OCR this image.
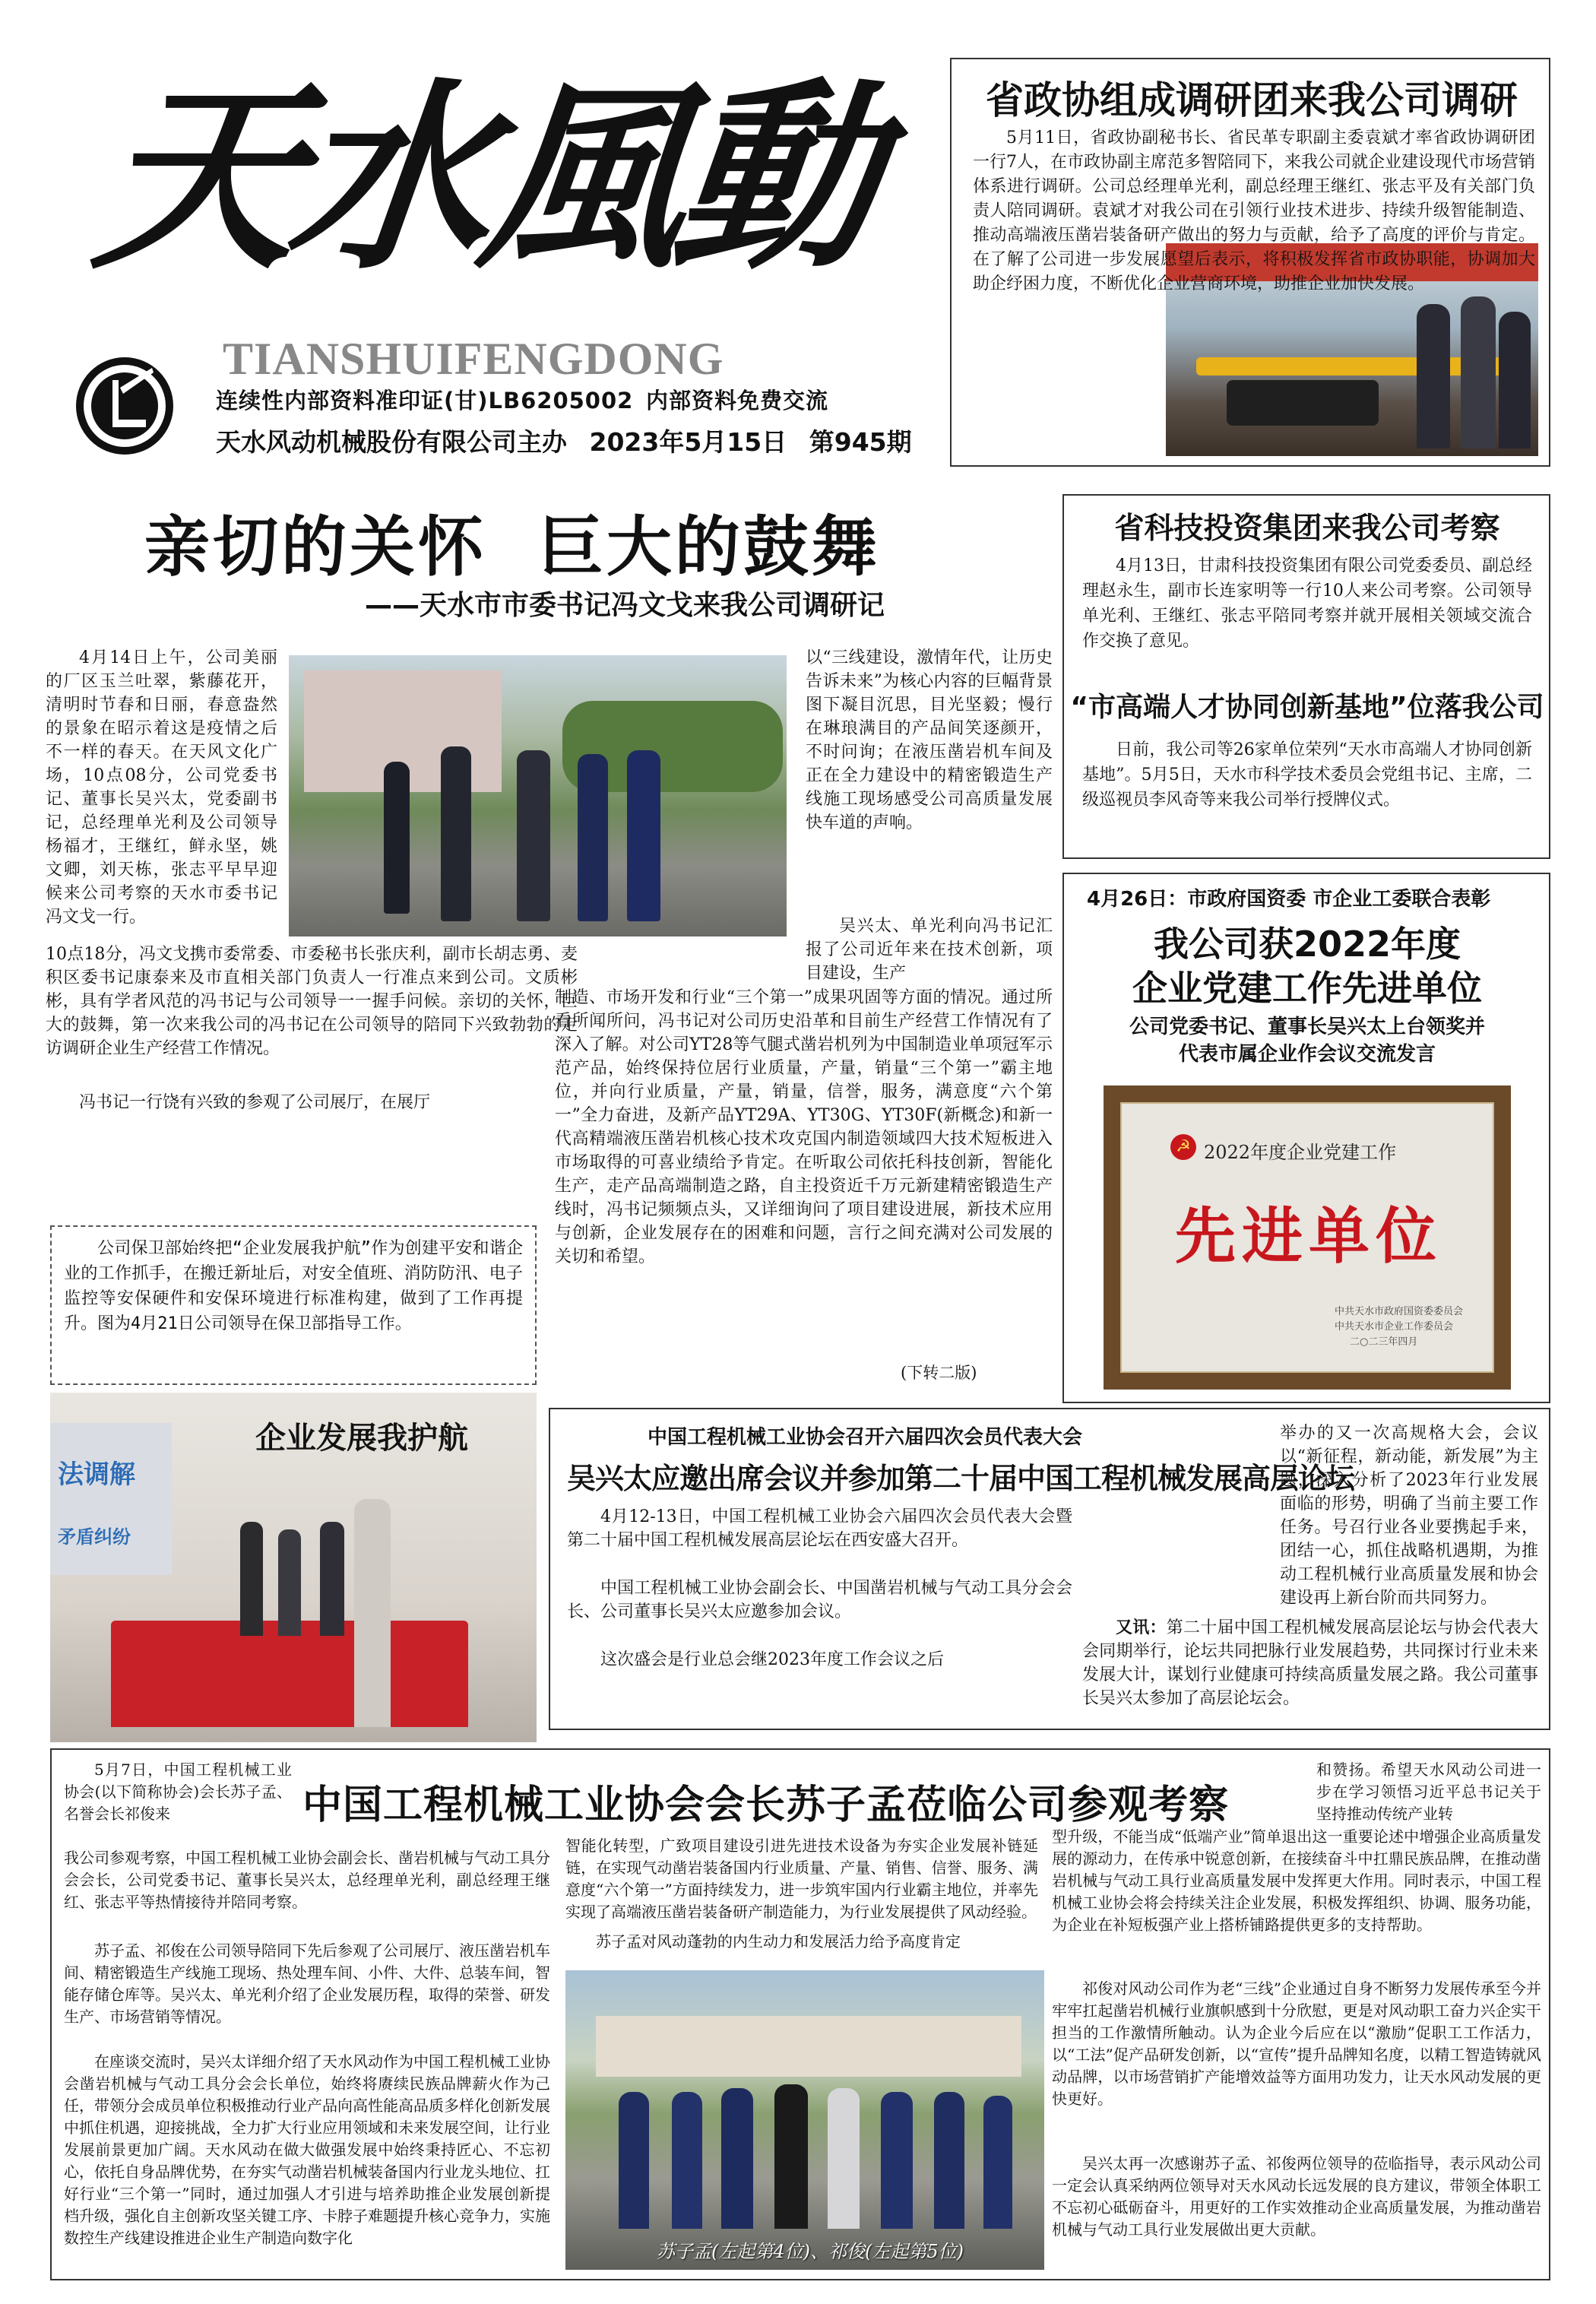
天水風動
TIANSHUIFENGDONG
连续性内部资料准印证(甘)LB6205002 内部资料免费交流
天水风动机械股份有限公司主办 2023年5月15日 第945期
省政协组成调研团来我公司调研
5月11日，省政协副秘书长、省民革专职副主委袁斌才率省政协调研团一行7人，在市政协副主席范多智陪同下，来我公司就企业建设现代市场营销体系进行调研。公司总经理单光利，副总经理王继红、张志平及有关部门负责人陪同调研。袁斌才对我公司在引领行业技术进步、持续升级智能制造、推动高端液压凿岩装备研产做出的努力与贡献，给予了高度的评价与肯定。在了解了公司进一步发展愿望后表示，将积极发挥省市政协职能，协调加大助企纾困力度，不断优化企业营商环境，助推企业加快发展。
亲切的关怀  巨大的鼓舞
——天水市市委书记冯文戈来我公司调研记
4月14日上午，公司美丽的厂区玉兰吐翠，紫藤花开，清明时节春和日丽，春意盎然的景象在昭示着这是疫情之后不一样的春天。在天风文化广场，10点08分，公司党委书记、董事长吴兴太，党委副书记，总经理单光利及公司领导杨福才，王继红，鲜永坚，姚文卿，刘天栋，张志平早早迎候来公司考察的天水市委书记冯文戈一行。
10点18分，冯文戈携市委常委、市委秘书长张庆利，副市长胡志勇、麦积区委书记康泰来及市直相关部门负责人一行准点来到公司。文质彬彬，具有学者风范的冯书记与公司领导一一握手问候。亲切的关怀，巨大的鼓舞，第一次来我公司的冯书记在公司领导的陪同下兴致勃勃的走访调研企业生产经营工作情况。
冯书记一行饶有兴致的参观了公司展厅，在展厅
以“三线建设，激情年代，让历史告诉未来”为核心内容的巨幅背景图下凝目沉思，目光坚毅；慢行在琳琅满目的产品间笑逐颜开，不时问询；在液压凿岩机车间及正在全力建设中的精密锻造生产线施工现场感受公司高质量发展快车道的声响。
吴兴太、单光利向冯书记汇报了公司近年来在技术创新，项目建设，生产
制造、市场开发和行业“三个第一”成果巩固等方面的情况。通过所看所闻所问，冯书记对公司历史沿革和目前生产经营工作情况有了深入了解。对公司YT28等气腿式凿岩机列为中国制造业单项冠军示范产品，始终保持位居行业质量，产量，销量“三个第一”霸主地位，并向行业质量，产量，销量，信誉，服务，满意度“六个第一”全力奋进，及新产品YT29A、YT30G、YT30F(新概念)和新一代高精端液压凿岩机核心技术攻克国内制造领域四大技术短板进入市场取得的可喜业绩给予肯定。在听取公司依托科技创新，智能化生产，走产品高端制造之路，自主投资近千万元新建精密锻造生产线时，冯书记频频点头，又详细询问了项目建设进展，新技术应用与创新，企业发展存在的困难和问题，言行之间充满对公司发展的关切和希望。
(下转二版)
省科技投资集团来我公司考察
4月13日，甘肃科技投资集团有限公司党委委员、副总经理赵永生，副市长连家明等一行10人来公司考察。公司领导单光利、王继红、张志平陪同考察并就开展相关领域交流合作交换了意见。
“市高端人才协同创新基地”位落我公司
日前，我公司等26家单位荣列“天水市高端人才协同创新基地”。5月5日，天水市科学技术委员会党组书记、主席，二级巡视员李风奇等来我公司举行授牌仪式。
4月26日：市政府国资委 市企业工委联合表彰
我公司获2022年度
企业党建工作先进单位
公司党委书记、董事长吴兴太上台领奖并
代表市属企业作会议交流发言
☭ 2022年度企业党建工作
先进单位
中共天水市政府国资委委员会
中共天水市企业工作委员会
二○二三年四月
公司保卫部始终把“企业发展我护航”作为创建平安和谐企业的工作抓手，在搬迁新址后，对安全值班、消防防汛、电子监控等安保硬件和安保环境进行标准构建，做到了工作再提升。图为4月21日公司领导在保卫部指导工作。
法调解
矛盾纠纷
企业发展我护航	中国工程机械工业协会召开六届四次会员代表大会
吴兴太应邀出席会议并参加第二十届中国工程机械发展高层论坛
4月12-13日，中国工程机械工业协会六届四次会员代表大会暨第二十届中国工程机械发展高层论坛在西安盛大召开。
中国工程机械工业协会副会长、中国凿岩机械与气动工具分会会长、公司董事长吴兴太应邀参加会议。
这次盛会是行业总会继2023年度工作会议之后
举办的又一次高规格大会，会议以“新征程，新动能，新发展”为主题，深入分析了2023年行业发展面临的形势，明确了当前主要工作任务。号召行业各业要携起手来，团结一心，抓住战略机遇期，为推动工程机械行业高质量发展和协会建设再上新台阶而共同努力。
又讯：第二十届中国工程机械发展高层论坛与协会代表大会同期举行，论坛共同把脉行业发展趋势，共同探讨行业未来发展大计，谋划行业健康可持续高质量发展之路。我公司董事长吴兴太参加了高层论坛会。
中国工程机械工业协会会长苏子孟莅临公司参观考察
5月7日，中国工程机械工业协会(以下简称协会)会长苏子孟、名誉会长祁俊来
我公司参观考察，中国工程机械工业协会副会长、凿岩机械与气动工具分会会长，公司党委书记、董事长吴兴太，总经理单光利，副总经理王继红、张志平等热情接待并陪同考察。
苏子孟、祁俊在公司领导陪同下先后参观了公司展厅、液压凿岩机车间、精密锻造生产线施工现场、热处理车间、小件、大件、总装车间，智能存储仓库等。吴兴太、单光利介绍了企业发展历程，取得的荣誉、研发生产、市场营销等情况。
在座谈交流时，吴兴太详细介绍了天水风动作为中国工程机械工业协会凿岩机械与气动工具分会会长单位，始终将赓续民族品牌薪火作为己任，带领分会成员单位积极推动行业产品向高性能高品质多样化创新发展中抓住机遇，迎接挑战，全力扩大行业应用领域和未来发展空间，让行业发展前景更加广阔。天水风动在做大做强发展中始终秉持匠心、不忘初心，依托自身品牌优势，在夯实气动凿岩机械装备国内行业龙头地位、扛好行业“三个第一”同时，通过加强人才引进与培养助推企业发展创新提档升级，强化自主创新攻坚关键工序、卡脖子难题提升核心竞争力，实施数控生产线建设推进企业生产制造向数字化
智能化转型，广致项目建设引进先进技术设备为夯实企业发展补链延链，在实现气动凿岩装备国内行业质量、产量、销售、信誉、服务、满意度“六个第一”方面持续发力，进一步筑牢国内行业霸主地位，并率先实现了高端液压凿岩装备研产制造能力，为行业发展提供了风动经验。
苏子孟对风动蓬勃的内生动力和发展活力给予高度肯定
苏子孟(左起第4位)、祁俊(左起第5位)
和赞扬。希望天水风动公司进一步在学习领悟习近平总书记关于坚持推动传统产业转
型升级，不能当成“低端产业”简单退出这一重要论述中增强企业高质量发展的源动力，在传承中锐意创新，在接续奋斗中扛鼎民族品牌，在推动凿岩机械与气动工具行业高质量发展中发挥更大作用。同时表示，中国工程机械工业协会将会持续关注企业发展，积极发挥组织、协调、服务功能，为企业在补短板强产业上搭桥铺路提供更多的支持帮助。
祁俊对风动公司作为老“三线”企业通过自身不断努力发展传承至今并牢牢扛起凿岩机械行业旗帜感到十分欣慰，更是对风动职工奋力兴企实干担当的工作激情所触动。认为企业今后应在以“激励”促职工工作活力，以“工法”促产品研发创新，以“宣传”提升品牌知名度，以精工智造铸就风动品牌，以市场营销扩产能增效益等方面用功发力，让天水风动发展的更快更好。
吴兴太再一次感谢苏子孟、祁俊两位领导的莅临指导，表示风动公司一定会认真采纳两位领导对天水风动长远发展的良方建议，带领全体职工不忘初心砥砺奋斗，用更好的工作实效推动企业高质量发展，为推动凿岩机械与气动工具行业发展做出更大贡献。
